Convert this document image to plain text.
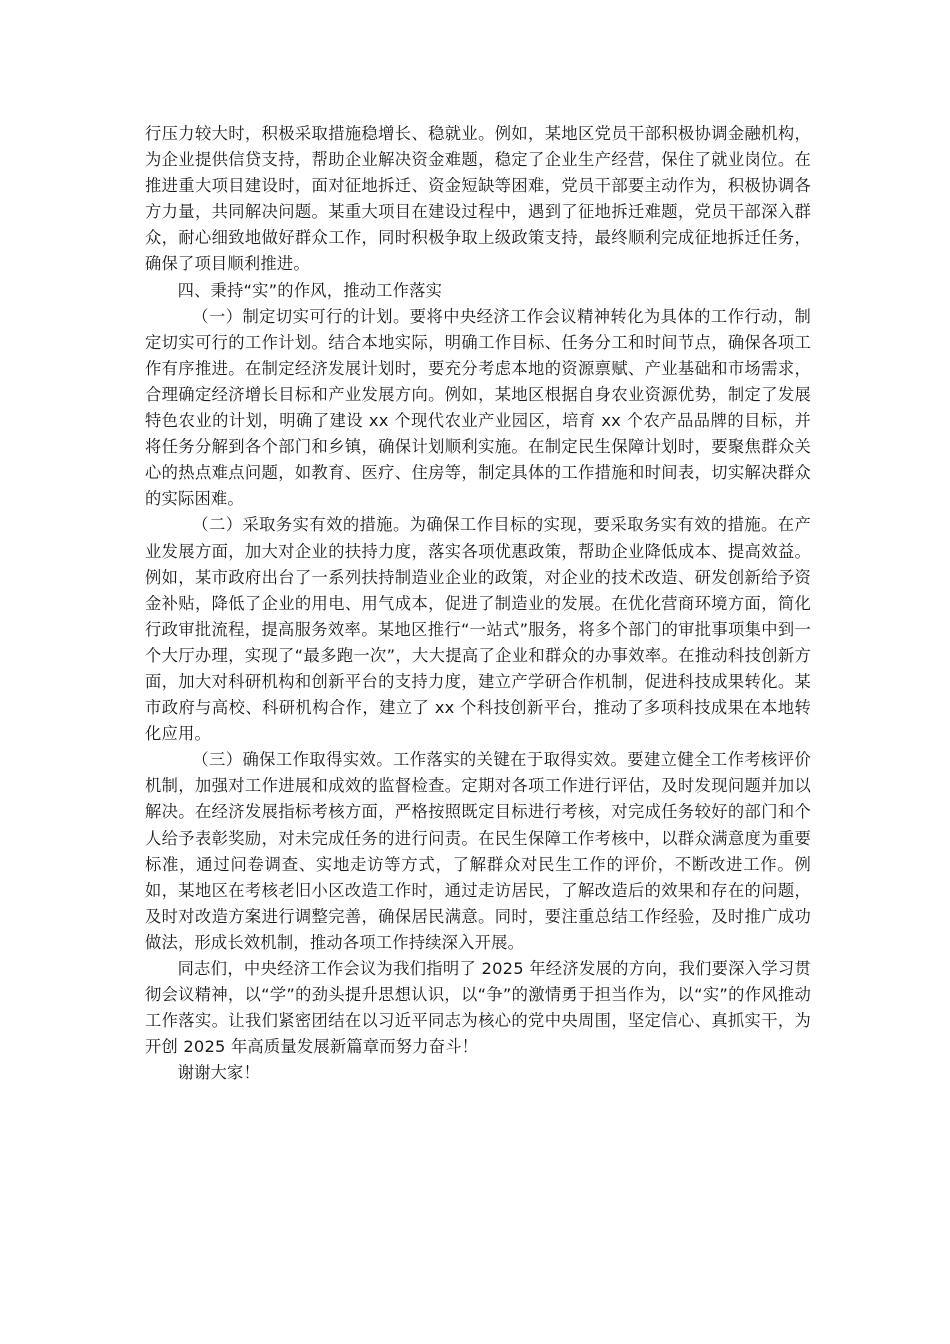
行压力较大时，积极采取措施稳增长、稳就业。例如，某地区党员干部积极协调金融机构，为企业提供信贷支持，帮助企业解决资金难题，稳定了企业生产经营，保住了就业岗位。在推进重大项目建设时，面对征地拆迁、资金短缺等困难，党员干部要主动作为，积极协调各方力量，共同解决问题。某重大项目在建设过程中，遇到了征地拆迁难题，党员干部深入群众，耐心细致地做好群众工作，同时积极争取上级政策支持，最终顺利完成征地拆迁任务，确保了项目顺利推进。

四、秉持“实”的作风，推动工作落实

（一）制定切实可行的计划。要将中央经济工作会议精神转化为具体的工作行动，制定切实可行的工作计划。结合本地实际，明确工作目标、任务分工和时间节点，确保各项工作有序推进。在制定经济发展计划时，要充分考虑本地的资源禀赋、产业基础和市场需求，合理确定经济增长目标和产业发展方向。例如，某地区根据自身农业资源优势，制定了发展特色农业的计划，明确了建设 xx 个现代农业产业园区，培育 xx 个农产品品牌的目标，并将任务分解到各个部门和乡镇，确保计划顺利实施。在制定民生保障计划时，要聚焦群众关心的热点难点问题，如教育、医疗、住房等，制定具体的工作措施和时间表，切实解决群众的实际困难。

（二）采取务实有效的措施。为确保工作目标的实现，要采取务实有效的措施。在产业发展方面，加大对企业的扶持力度，落实各项优惠政策，帮助企业降低成本、提高效益。例如，某市政府出台了一系列扶持制造业企业的政策，对企业的技术改造、研发创新给予资金补贴，降低了企业的用电、用气成本，促进了制造业的发展。在优化营商环境方面，简化行政审批流程，提高服务效率。某地区推行“一站式”服务，将多个部门的审批事项集中到一个大厅办理，实现了“最多跑一次”，大大提高了企业和群众的办事效率。在推动科技创新方面，加大对科研机构和创新平台的支持力度，建立产学研合作机制，促进科技成果转化。某市政府与高校、科研机构合作，建立了 xx 个科技创新平台，推动了多项科技成果在本地转化应用。

（三）确保工作取得实效。工作落实的关键在于取得实效。要建立健全工作考核评价机制，加强对工作进展和成效的监督检查。定期对各项工作进行评估，及时发现问题并加以解决。在经济发展指标考核方面，严格按照既定目标进行考核，对完成任务较好的部门和个人给予表彰奖励，对未完成任务的进行问责。在民生保障工作考核中，以群众满意度为重要标准，通过问卷调查、实地走访等方式，了解群众对民生工作的评价，不断改进工作。例如，某地区在考核老旧小区改造工作时，通过走访居民，了解改造后的效果和存在的问题，及时对改造方案进行调整完善，确保居民满意。同时，要注重总结工作经验，及时推广成功做法，形成长效机制，推动各项工作持续深入开展。

同志们，中央经济工作会议为我们指明了 2025 年经济发展的方向，我们要深入学习贯彻会议精神，以“学”的劲头提升思想认识，以“争”的激情勇于担当作为，以“实”的作风推动工作落实。让我们紧密团结在以习近平同志为核心的党中央周围，坚定信心、真抓实干，为开创 2025 年高质量发展新篇章而努力奋斗！

谢谢大家！
